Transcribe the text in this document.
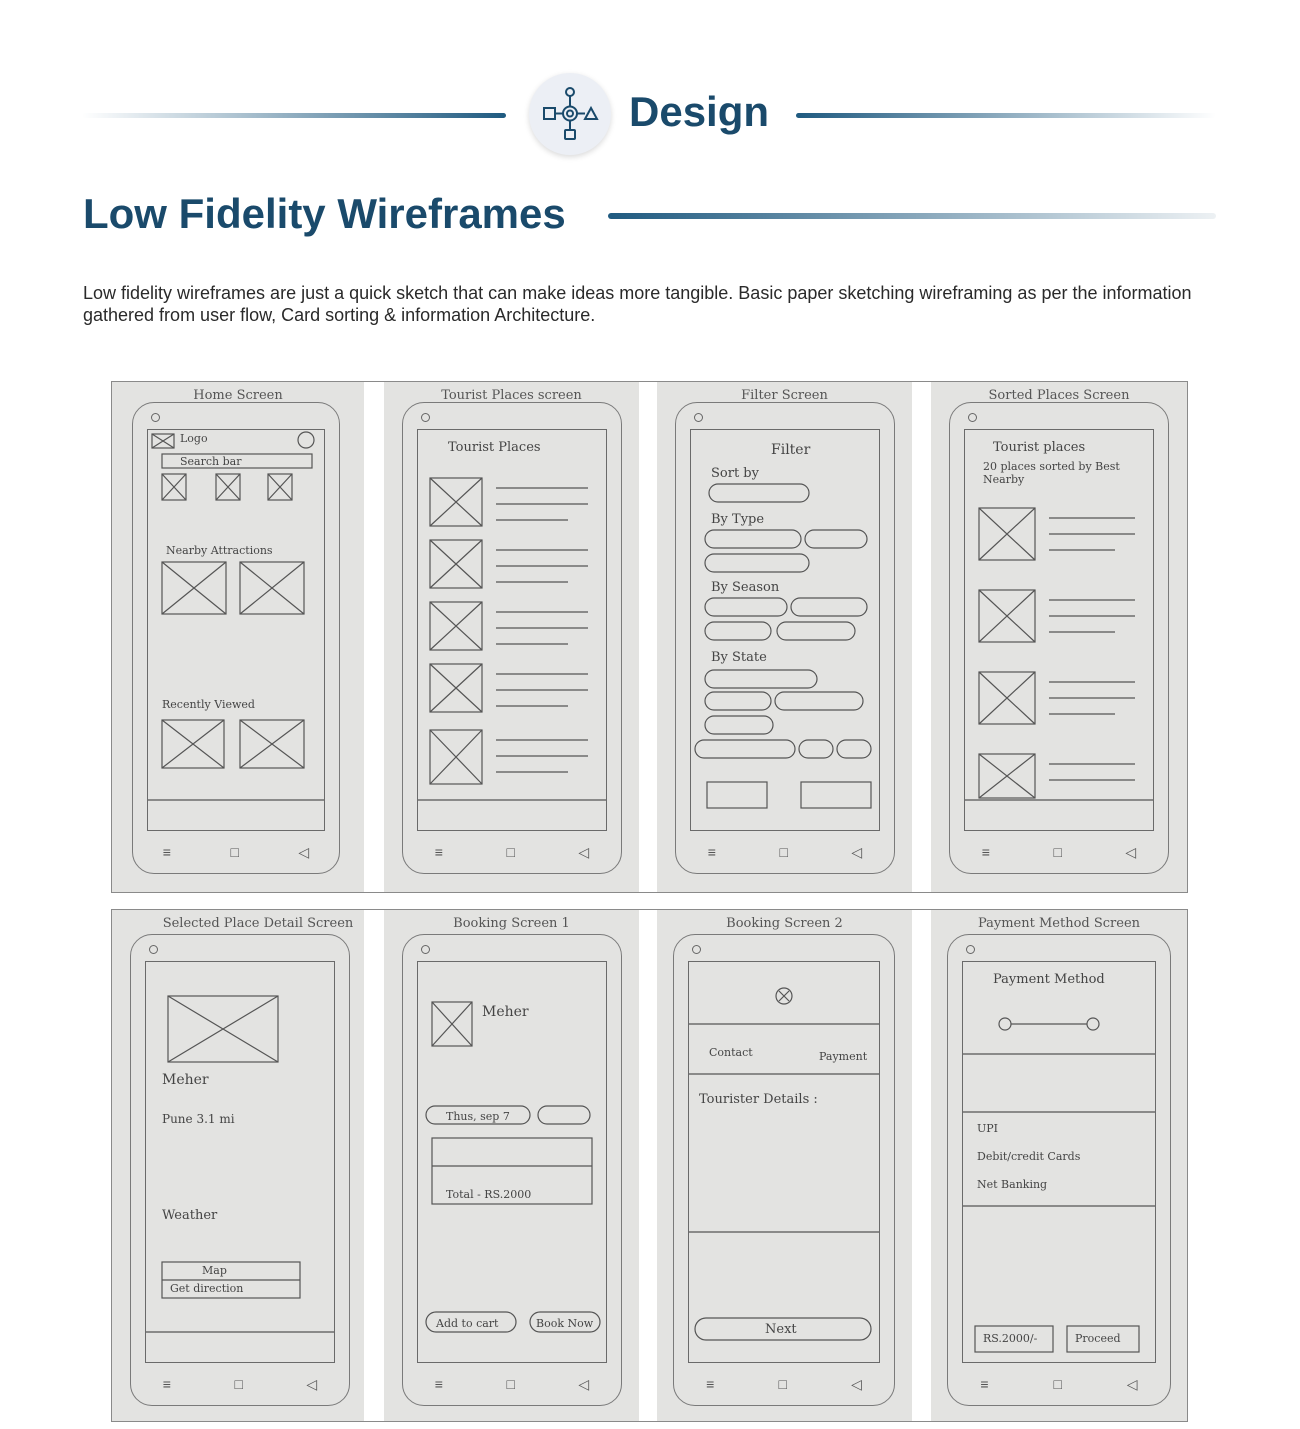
Design
Low Fidelity Wireframes
Low fidelity wireframes are just a quick sketch that can make ideas more tangible. Basic paper sketching wireframing as per the information gathered from user flow, Card sorting & information Architecture.
Home Screen
Logo
Search bar
Nearby Attractions
Recently Viewed
≡	□	◁
Tourist Places screen
Tourist Places
≡	□	◁
Filter Screen
Filter
Sort by
By Type
By Season
By State
≡	□	◁
Sorted Places Screen
Tourist places
20 places sorted by Best Nearby
≡	□	◁
Selected Place Detail Screen
Meher
Pune 3.1 mi
Weather
Map
Get direction
≡	□	◁
Booking Screen 1
Meher
Thus, sep 7
Total - RS.2000
Add to cart	Book Now
≡	□	◁
Booking Screen 2
Contact	Payment
Tourister Details :
Next
≡	□	◁
Payment Method Screen
Payment Method
UPI
Debit/credit Cards
Net Banking
RS.2000/-	Proceed
≡	□	◁
